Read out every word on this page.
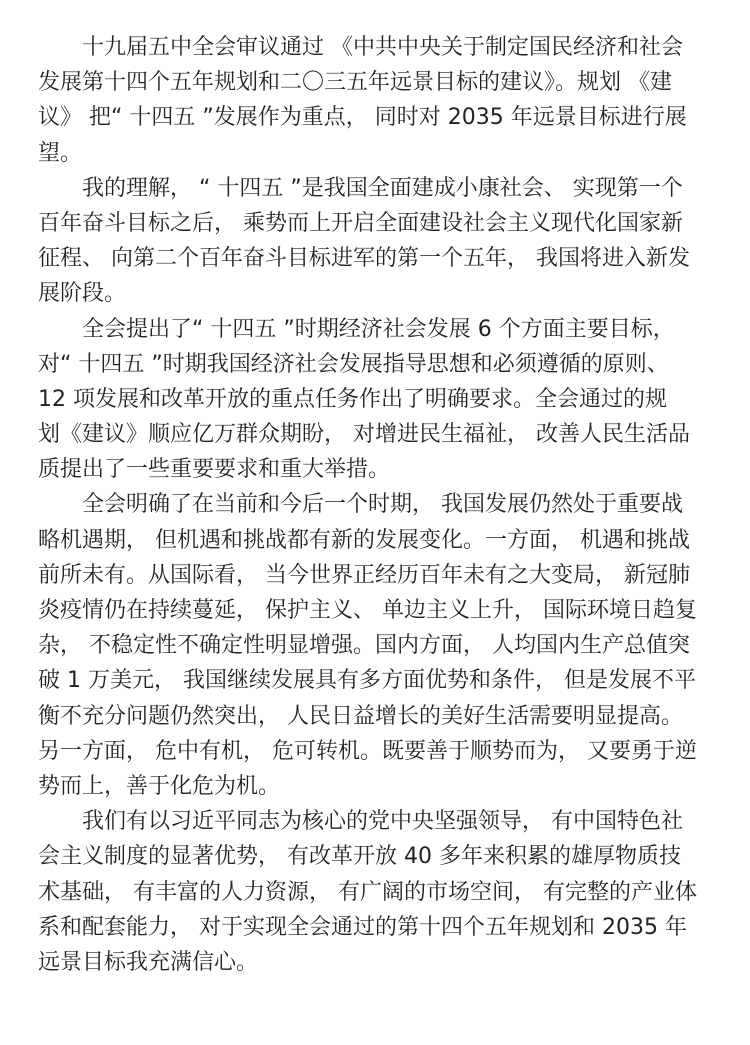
十九届五中全会审议通过 《中共中央关于制定国民经济和社会
发展第十四个五年规划和二〇三五年远景目标的建议》。规划 《建
议》 把“ 十四五 ”发展作为重点， 同时对 2035 年远景目标进行展
望。
我的理解， “ 十四五 ”是我国全面建成小康社会、 实现第一个
百年奋斗目标之后， 乘势而上开启全面建设社会主义现代化国家新
征程、 向第二个百年奋斗目标进军的第一个五年， 我国将进入新发
展阶段。
全会提出了“ 十四五 ”时期经济社会发展 6 个方面主要目标，
对“ 十四五 ”时期我国经济社会发展指导思想和必须遵循的原则、
12 项发展和改革开放的重点任务作出了明确要求。全会通过的规
划《建议》顺应亿万群众期盼， 对增进民生福祉， 改善人民生活品
质提出了一些重要要求和重大举措。
全会明确了在当前和今后一个时期， 我国发展仍然处于重要战
略机遇期， 但机遇和挑战都有新的发展变化。一方面， 机遇和挑战
前所未有。从国际看， 当今世界正经历百年未有之大变局， 新冠肺
炎疫情仍在持续蔓延， 保护主义、 单边主义上升， 国际环境日趋复
杂， 不稳定性不确定性明显增强。国内方面， 人均国内生产总值突
破 1 万美元， 我国继续发展具有多方面优势和条件， 但是发展不平
衡不充分问题仍然突出， 人民日益增长的美好生活需要明显提高。
另一方面， 危中有机， 危可转机。既要善于顺势而为， 又要勇于逆
势而上，善于化危为机。
我们有以习近平同志为核心的党中央坚强领导， 有中国特色社
会主义制度的显著优势， 有改革开放 40 多年来积累的雄厚物质技
术基础， 有丰富的人力资源， 有广阔的市场空间， 有完整的产业体
系和配套能力， 对于实现全会通过的第十四个五年规划和 2035 年
远景目标我充满信心。
